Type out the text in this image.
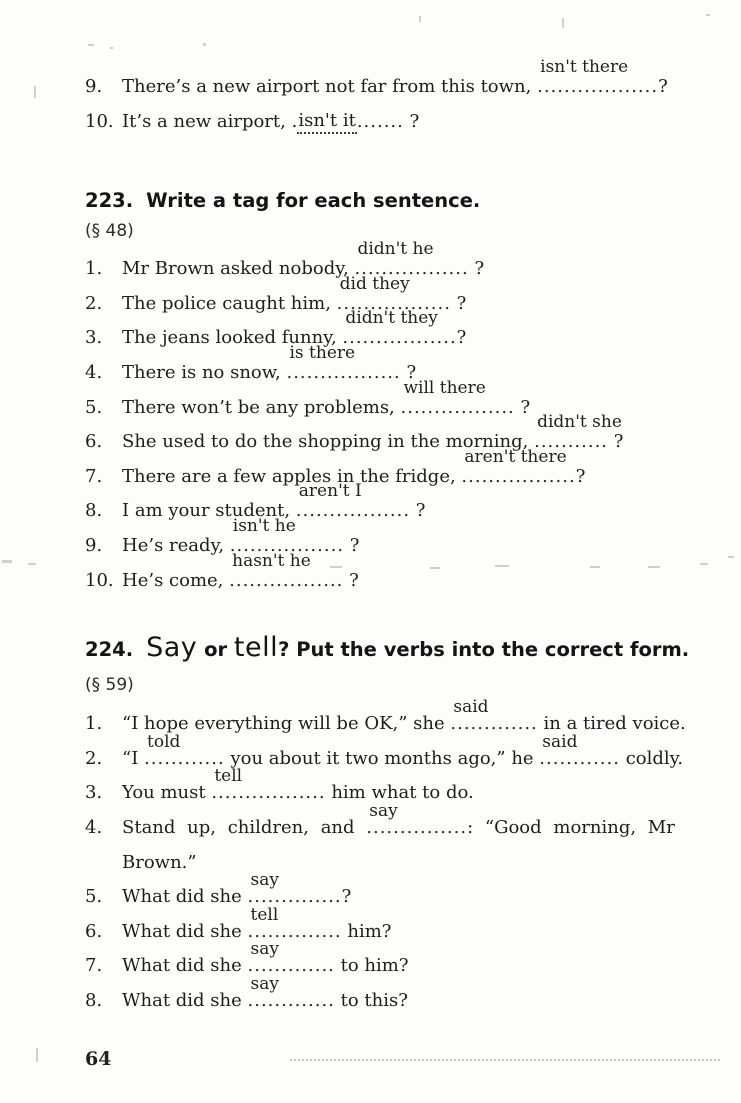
9.	There’s a new airport not far from this town,
isn't there
..................?
10. It’s a new airport, .isn't it....... ?
223. Write a tag for each sentence.
(§ 48)
1.	Mr Brown asked nobody,
didn't he
................. ?
2.	The police caught him,
did they
................. ?
3.	The jeans looked funny,
didn't they
.................?
4.	There is no snow,
is there
................. ?
5.	There won’t be any problems,
will there
................. ?
6.	She used to do the shopping in the morning,
didn't she
........... ?
7.	There are a few apples in the fridge,
aren't there
.................?
8.	I am your student,
aren't I
................. ?
9.	He’s ready,
isn't he
................. ?
10. He’s come,
hasn't he
................. ?
224. Say or tell? Put the verbs into the correct form.
(§ 59)
1.	“I hope everything will be OK,” she
said
............. in a tired voice.
2.	“I
told
............ you about it two months ago,” he
said
............ coldly.
3.	You must
tell
................. him what to do.
4.	Stand up, children, and
say
...............: “Good morning, Mr
Brown.”
5.	What did she
say
..............?
6.	What did she
tell
.............. him?
7.	What did she
say
............. to him?
8.	What did she
say
............. to this?
64
